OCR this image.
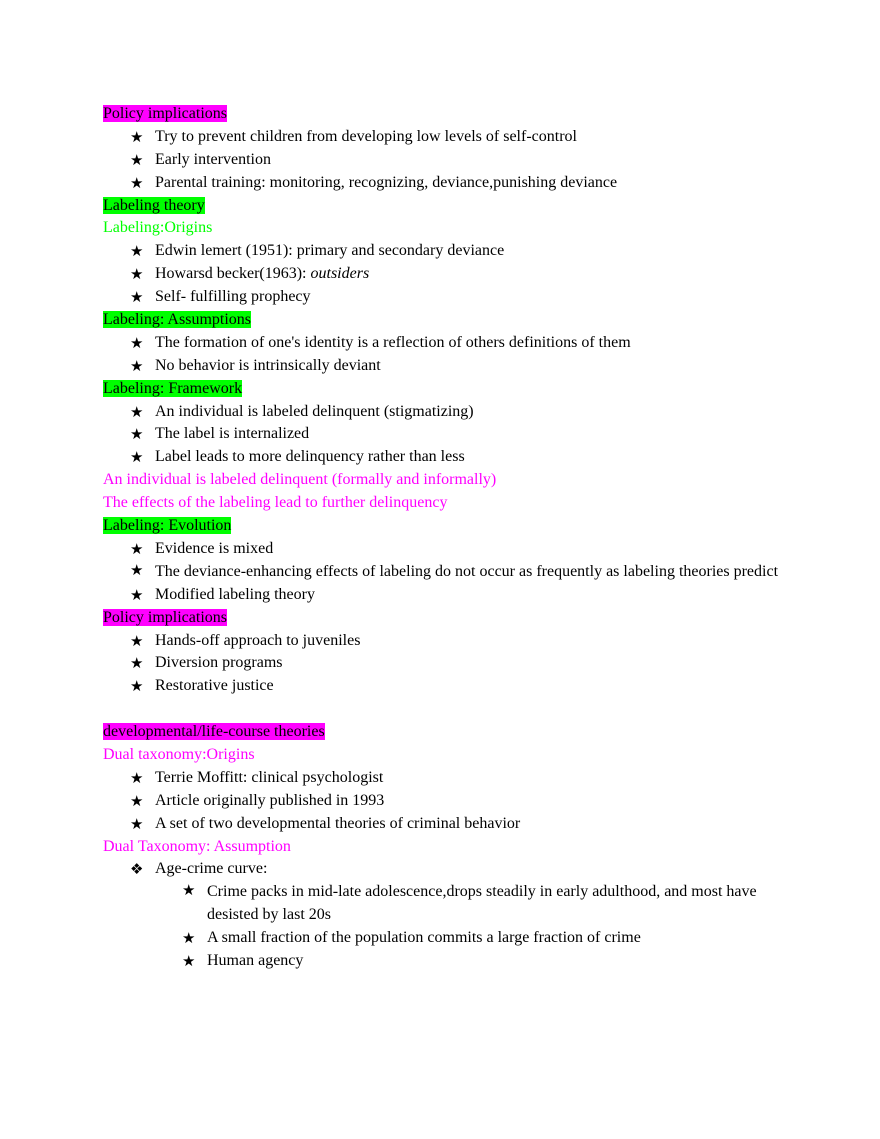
Policy implications
★ Try to prevent children from developing low levels of self-control
★ Early intervention
★ Parental training: monitoring, recognizing, deviance,punishing deviance
Labeling theory
Labeling:Origins
★ Edwin lemert (1951): primary and secondary deviance
★ Howarsd becker(1963): outsiders
★ Self- fulfilling prophecy
Labeling: Assumptions
★ The formation of one's identity is a reflection of others definitions of them
★ No behavior is intrinsically deviant
Labeling: Framework
★ An individual is labeled delinquent (stigmatizing)
★ The label is internalized
★ Label leads to more delinquency rather than less
An individual is labeled delinquent (formally and informally)
The effects of the labeling lead to further delinquency
Labeling: Evolution
★ Evidence is mixed
★ The deviance-enhancing effects of labeling do not occur as frequently as labeling theories predict
★ Modified labeling theory
Policy implications
★ Hands-off approach to juveniles
★ Diversion programs
★ Restorative justice
developmental/life-course theories
Dual taxonomy:Origins
★ Terrie Moffitt: clinical psychologist
★ Article originally published in 1993
★ A set of two developmental theories of criminal behavior
Dual Taxonomy: Assumption
❖ Age-crime curve:
★ Crime packs in mid-late adolescence,drops steadily in early adulthood, and most have desisted by last 20s
★ A small fraction of the population commits a large fraction of crime
★ Human agency
